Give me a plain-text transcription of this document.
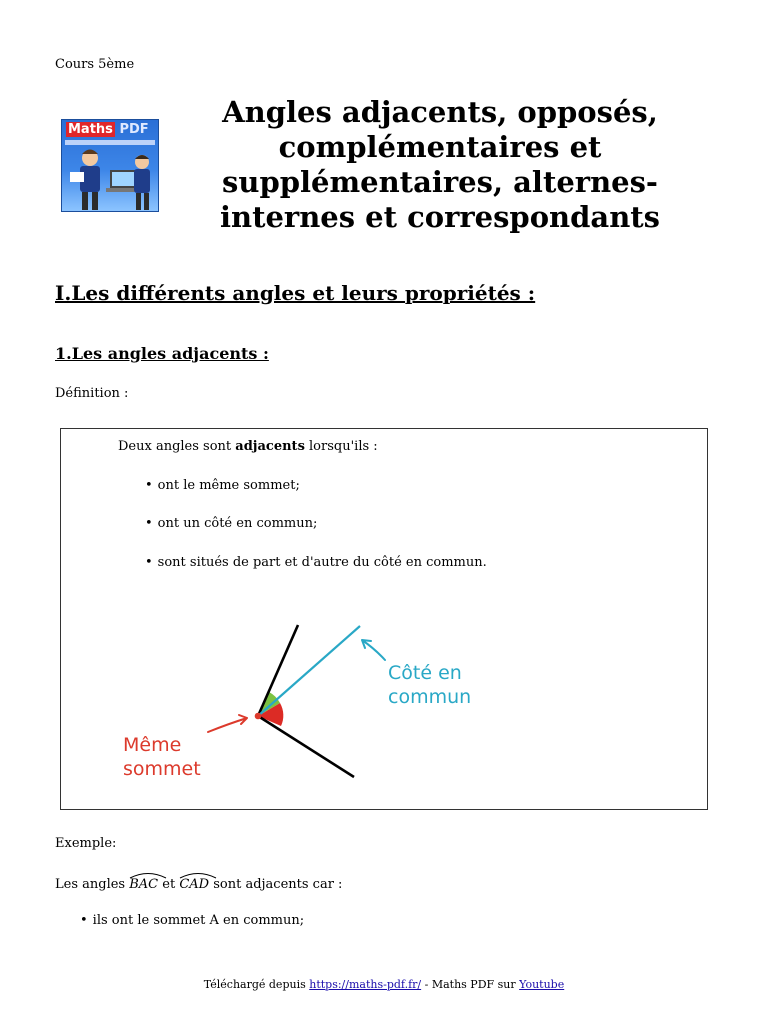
Cours 5ème
Maths PDF
Angles adjacents, opposés, complémentaires et supplémentaires, alternes-internes et correspondants
I.Les différents angles et leurs propriétés :
1.Les angles adjacents :
Définition :
Deux angles sont adjacents lorsqu'ils :
• ont le même sommet;
• ont un côté en commun;
• sont situés de part et d'autre du côté en commun.
Côté en
commun
Même
sommet
Exemple:
Les angles
BAC et
CAD sont adjacents car :
• ils ont le sommet A en commun;
Téléchargé depuis https://maths-pdf.fr/ - Maths PDF sur Youtube
